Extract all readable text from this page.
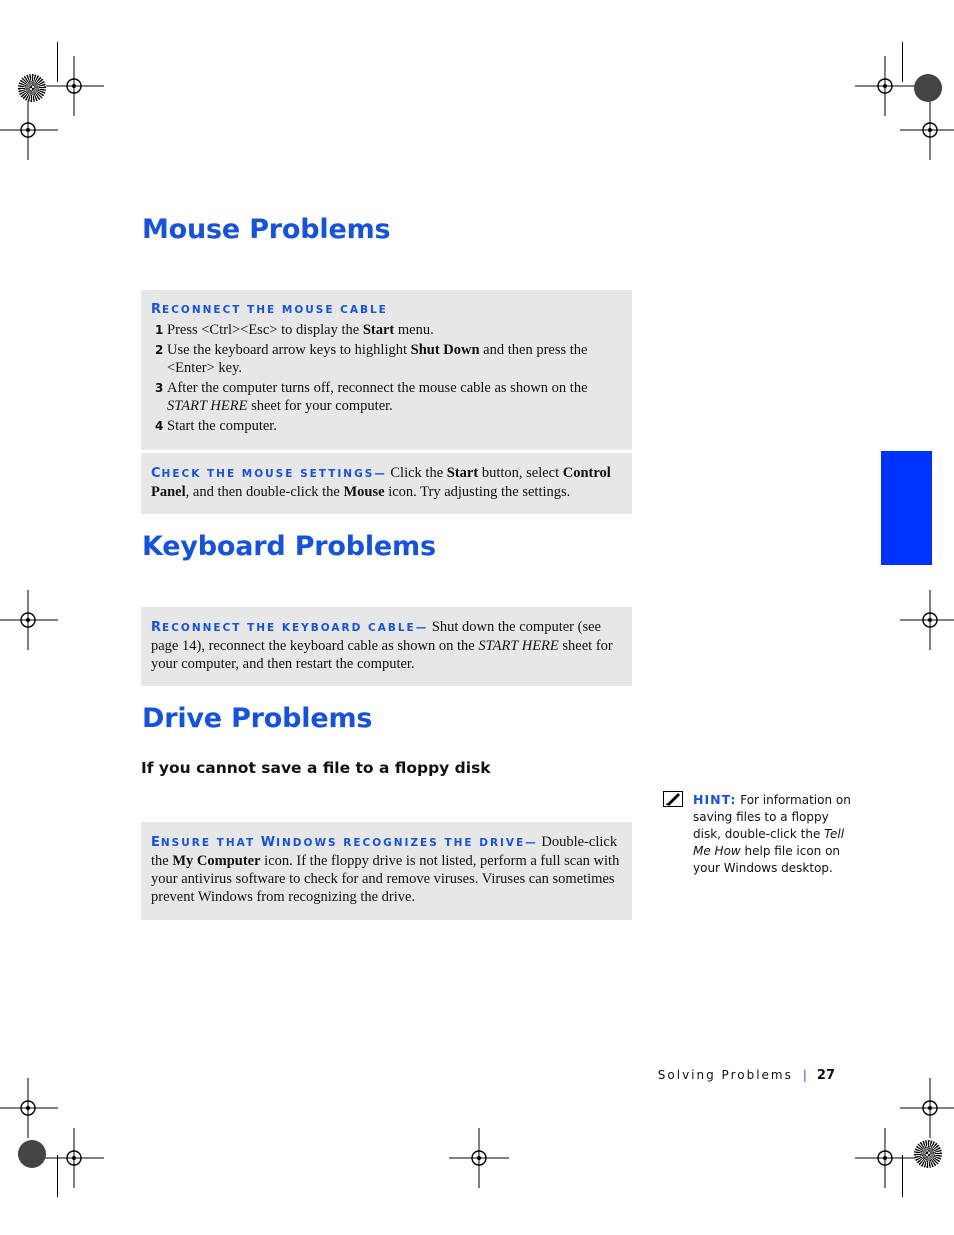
Mouse Problems
RECONNECT THE MOUSE CABLE
1 Press <Ctrl><Esc> to display the Start menu.
2 Use the keyboard arrow keys to highlight Shut Down and then press the <Enter> key.
3 After the computer turns off, reconnect the mouse cable as shown on the START HERE sheet for your computer.
4 Start the computer.
CHECK THE MOUSE SETTINGS— Click the Start button, select Control Panel, and then double-click the Mouse icon. Try adjusting the settings.
Keyboard Problems
RECONNECT THE KEYBOARD CABLE— Shut down the computer (see page 14), reconnect the keyboard cable as shown on the START HERE sheet for your computer, and then restart the computer.
Drive Problems
If you cannot save a file to a floppy disk
ENSURE THAT WINDOWS RECOGNIZES THE DRIVE— Double-click the My Computer icon. If the floppy drive is not listed, perform a full scan with your antivirus software to check for and remove viruses. Viruses can sometimes prevent Windows from recognizing the drive.
HINT: For information on saving files to a floppy disk, double-click the Tell Me How help file icon on your Windows desktop.
Solving Problems | 27
